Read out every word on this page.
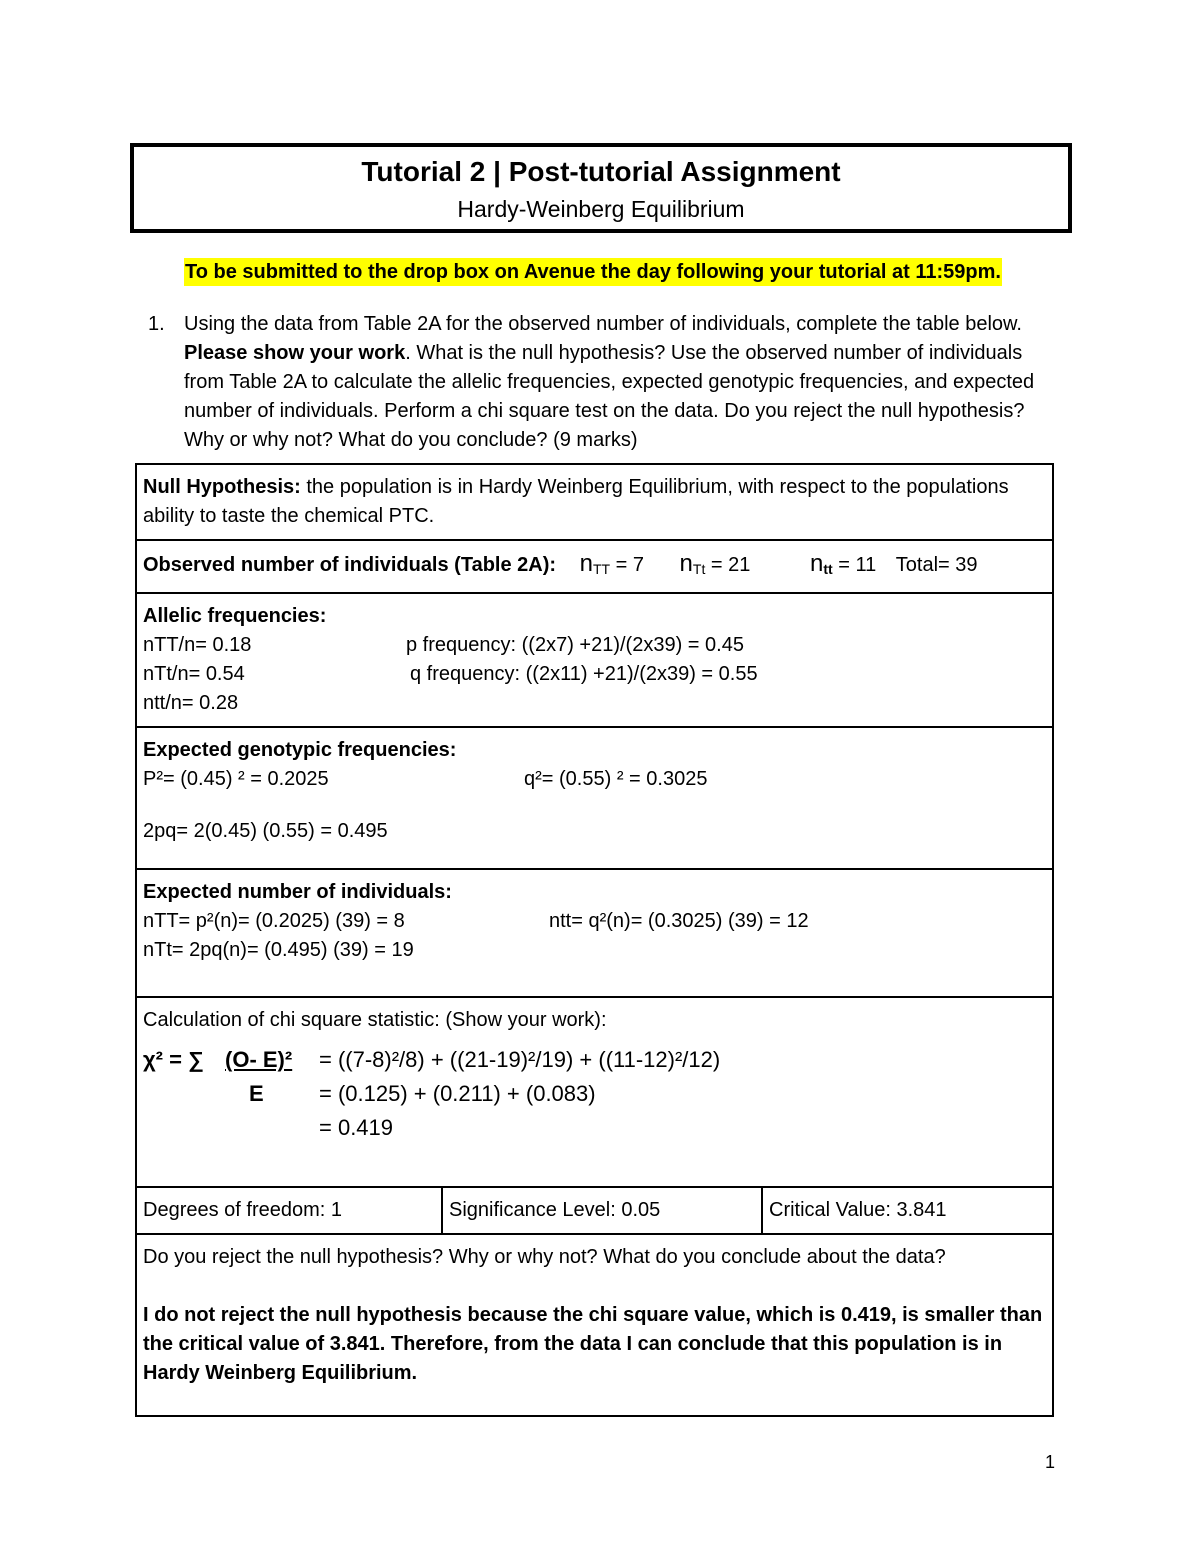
Tutorial 2 | Post-tutorial Assignment
Hardy-Weinberg Equilibrium
To be submitted to the drop box on Avenue the day following your tutorial at 11:59pm.
1. Using the data from Table 2A for the observed number of individuals, complete the table below. Please show your work. What is the null hypothesis? Use the observed number of individuals from Table 2A to calculate the allelic frequencies, expected genotypic frequencies, and expected number of individuals. Perform a chi square test on the data. Do you reject the null hypothesis? Why or why not? What do you conclude? (9 marks)
Null Hypothesis: the population is in Hardy Weinberg Equilibrium, with respect to the populations ability to taste the chemical PTC.
Observed number of individuals (Table 2A): $n_{TT} = 7$ $n_{Tt} = 21$ $n_{tt} = 11$ Total= 39

Allelic frequencies:
nTT/n= 0.18
nTt/n= 0.54
ntt/n= 0.28
p frequency: ((2x7) +21)/(2x39) = 0.45
q frequency: ((2x11) +21)/(2x39) = 0.55

Expected genotypic frequencies:
P²= (0.45) ² = 0.2025
2pq= 2(0.45) (0.55) = 0.495
q²= (0.55) ² = 0.3025

Expected number of individuals:
nTT= p²(n)= (0.2025) (39) = 8
nTt= 2pq(n)= (0.495) (39) = 19
ntt= q²(n)= (0.3025) (39) = 12

Calculation of chi square statistic: (Show your work):
χ² = ∑ (O- E)²
E
= ((7-8)²/8) + ((21-19)²/19) + ((11-12)²/12)
= (0.125) + (0.211) + (0.083)
= 0.419

Degrees of freedom: 1	Significance Level: 0.05	Critical Value: 3.841

Do you reject the null hypothesis? Why or why not? What do you conclude about the data?
I do not reject the null hypothesis because the chi square value, which is 0.419, is smaller than the critical value of 3.841. Therefore, from the data I can conclude that this population is in Hardy Weinberg Equilibrium.
1
